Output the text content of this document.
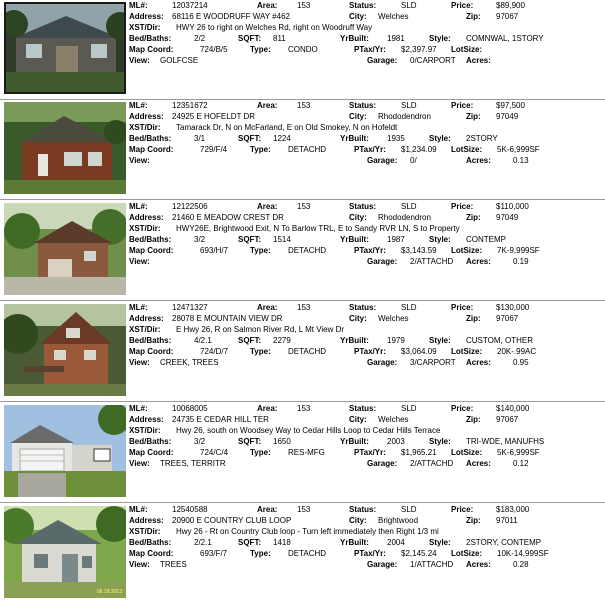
ML#:	12037214	Area: 153	Status:	SLD	Price:	$89,900
Address: 68116 E WOODRUFF WAY #462	City: Welches	Zip: 97067
XST/Dir: HWY 26 to right on Welches Rd, right on Woodruff Way
Bed/Baths:	2/2	SQFT: 811	YrBuilt: 1981	Style: COMNWAL, 1STORY
Map Coord:	724/B/5	Type: CONDO	PTax/Yr: $2,397.97 LotSize:
View: GOLFCSE	Garage: 0/CARPORT Acres:
ML#:	12351672	Area: 153	Status:	SLD	Price:	$97,500
Address: 24925 E HOFELDT DR	City: Rhododendron	Zip: 97049
XST/Dir: Tamarack Dr, N on McFarland, E on Old Smokey, N on Hofeldt
Bed/Baths:	3/1	SQFT: 1224	YrBuilt: 1935	Style: 2STORY
Map Coord:	729/F/4	Type: DETACHD	PTax/Yr: $1,234.09 LotSize: 5K-6,999SF
View:	Garage: 0/	Acres:	0.13
ML#:	12122506	Area: 153	Status:	SLD	Price:	$110,000
Address: 21460 E MEADOW CREST DR	City: Rhododendron	Zip: 97049
XST/Dir: HWY26E, Brightwood Exit, N To Barlow TRL, E to Sandy RVR LN, S to Property
Bed/Baths:	3/2	SQFT: 1514	YrBuilt: 1987	Style: CONTEMP
Map Coord:	693/H/7	Type: DETACHD	PTax/Yr: $3,143.59 LotSize: 7K-9,999SF
View:	Garage: 2/ATTACHD Acres:	0.19
ML#:	12471327	Area: 153	Status:	SLD	Price:	$130,000
Address: 28078 E MOUNTAIN VIEW DR	City: Welches	Zip: 97067
XST/Dir: E Hwy 26, R on Salmon River Rd, L Mt View Dr
Bed/Baths:	4/2.1	SQFT: 2279	YrBuilt: 1979	Style: CUSTOM, OTHER
Map Coord:	724/D/7	Type: DETACHD	PTax/Yr: $3,064.09 LotSize: 20K-.99AC
View: CREEK, TREES	Garage: 3/CARPORT Acres:	0.95
ML#:	10068005	Area: 153	Status:	SLD	Price:	$140,000
Address: 24735 E CEDAR HILL TER	City: Welches	Zip: 97067
XST/Dir: Hwy 26, south on Woodsey Way to Cedar Hills Loop to Cedar Hills Terrace
Bed/Baths:	3/2	SQFT: 1650	YrBuilt: 2003	Style: TRI-WDE, MANUFHS
Map Coord:	724/C/4	Type: RES-MFG	PTax/Yr: $1,965.21 LotSize: 5K-6,999SF
View: TREES, TERRITR	Garage: 2/ATTACHD Acres:	0.12
06.18.2013
ML#:	12540588	Area: 153	Status:	SLD	Price:	$183,000
Address: 20900 E COUNTRY CLUB LOOP	City: Brightwood	Zip: 97011
XST/Dir: Hwy 26 - Rt on Country Club loop - Turn left immediately then Right 1/3 mi
Bed/Baths:	2/2.1	SQFT: 1418	YrBuilt: 2004	Style: 2STORY, CONTEMP
Map Coord:	693/F/7	Type: DETACHD	PTax/Yr: $2,145.24 LotSize: 10K-14,999SF
View: TREES	Garage: 1/ATTACHD Acres:	0.28
